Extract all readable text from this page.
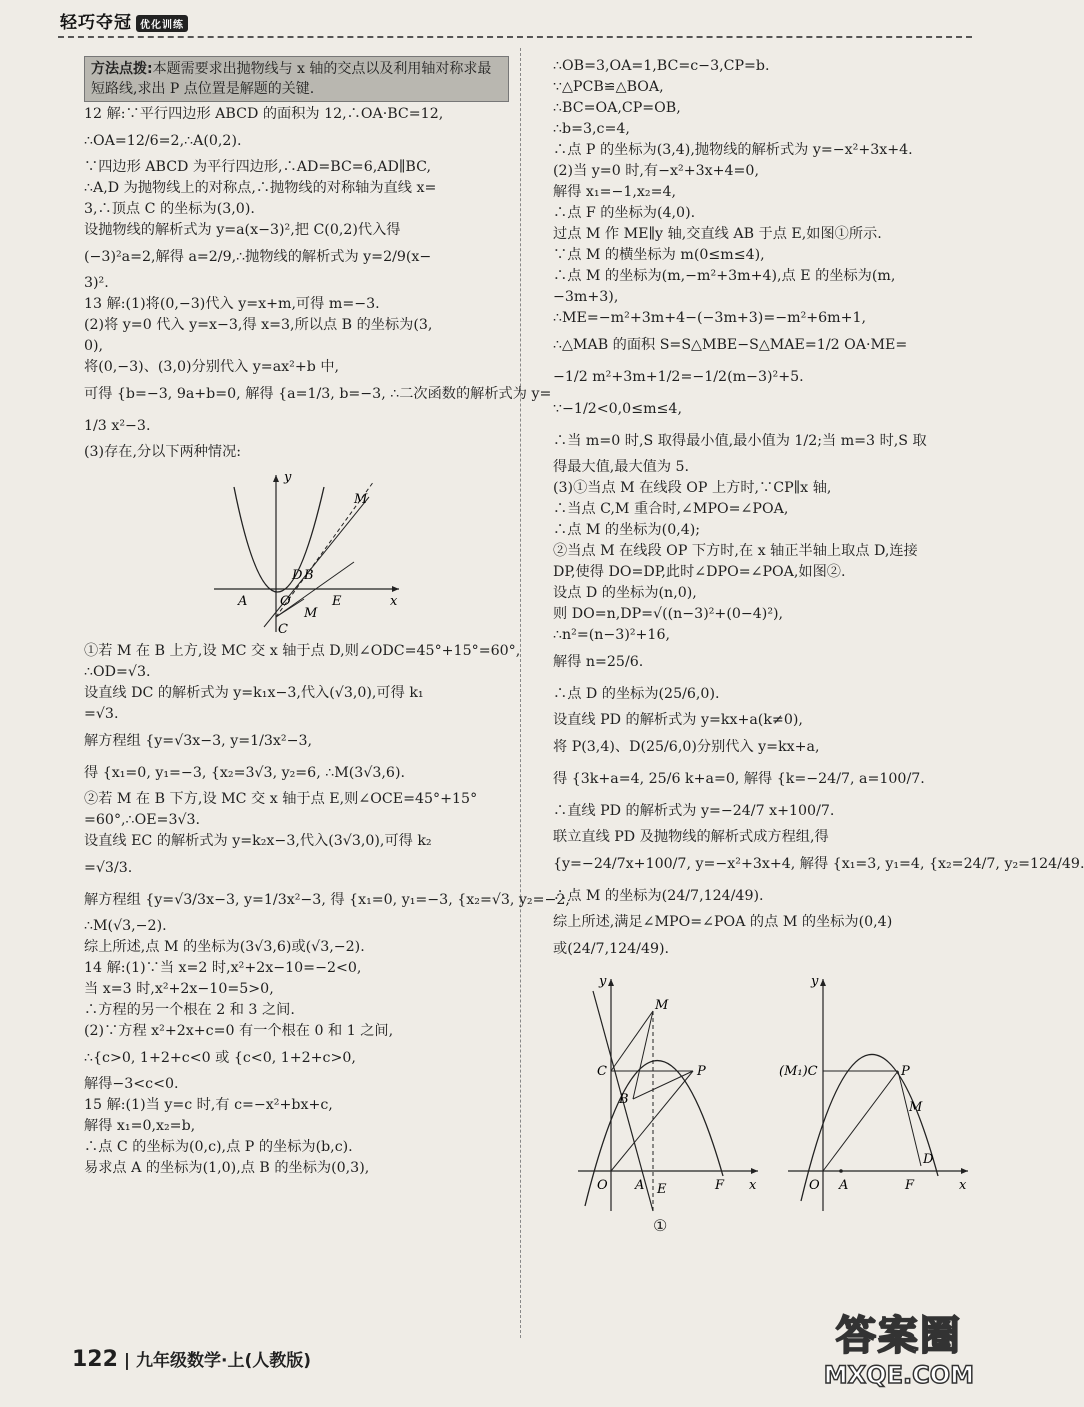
轻巧夺冠 优化训练
方法点拨:本题需要求出抛物线与 x 轴的交点以及利用轴对称求最短路线,求出 P 点位置是解题的关键.
12 解:∵平行四边形 ABCD 的面积为 12,∴OA·BC=12,
∴OA=12/6=2,∴A(0,2).
∵四边形 ABCD 为平行四边形,∴AD=BC=6,AD∥BC,
∴A,D 为抛物线上的对称点,∴抛物线的对称轴为直线 x=
3,∴顶点 C 的坐标为(3,0).
设抛物线的解析式为 y=a(x−3)²,把 C(0,2)代入得
(−3)²a=2,解得 a=2/9,∴抛物线的解析式为 y=2/9(x−
3)².
13 解:(1)将(0,−3)代入 y=x+m,可得 m=−3.
(2)将 y=0 代入 y=x−3,得 x=3,所以点 B 的坐标为(3,
0),
将(0,−3)、(3,0)分别代入 y=ax²+b 中,
可得 {b=−3, 9a+b=0, 解得 {a=1/3, b=−3, ∴二次函数的解析式为 y=
1/3 x²−3.
(3)存在,分以下两种情况:
y
x
M
D B
A	O	E
C
M
①若 M 在 B 上方,设 MC 交 x 轴于点 D,则∠ODC=45°+15°=60°,
∴OD=√3.
设直线 DC 的解析式为 y=k₁x−3,代入(√3,0),可得 k₁
=√3.
解方程组 {y=√3x−3, y=1/3x²−3,
得 {x₁=0, y₁=−3, {x₂=3√3, y₂=6, ∴M(3√3,6).
②若 M 在 B 下方,设 MC 交 x 轴于点 E,则∠OCE=45°+15°
=60°,∴OE=3√3.
设直线 EC 的解析式为 y=k₂x−3,代入(3√3,0),可得 k₂
=√3/3.
解方程组 {y=√3/3x−3, y=1/3x²−3, 得 {x₁=0, y₁=−3, {x₂=√3, y₂=−2,
∴M(√3,−2).
综上所述,点 M 的坐标为(3√3,6)或(√3,−2).
14 解:(1)∵当 x=2 时,x²+2x−10=−2<0,
当 x=3 时,x²+2x−10=5>0,
∴方程的另一个根在 2 和 3 之间.
(2)∵方程 x²+2x+c=0 有一个根在 0 和 1 之间,
∴{c>0, 1+2+c<0 或 {c<0, 1+2+c>0,
解得−3<c<0.
15 解:(1)当 y=c 时,有 c=−x²+bx+c,
解得 x₁=0,x₂=b,
∴点 C 的坐标为(0,c),点 P 的坐标为(b,c).
易求点 A 的坐标为(1,0),点 B 的坐标为(0,3),
∴OB=3,OA=1,BC=c−3,CP=b.
∵△PCB≌△BOA,
∴BC=OA,CP=OB,
∴b=3,c=4,
∴点 P 的坐标为(3,4),抛物线的解析式为 y=−x²+3x+4.
(2)当 y=0 时,有−x²+3x+4=0,
解得 x₁=−1,x₂=4,
∴点 F 的坐标为(4,0).
过点 M 作 ME∥y 轴,交直线 AB 于点 E,如图①所示.
∵点 M 的横坐标为 m(0≤m≤4),
∴点 M 的坐标为(m,−m²+3m+4),点 E 的坐标为(m,
−3m+3),
∴ME=−m²+3m+4−(−3m+3)=−m²+6m+1,
∴△MAB 的面积 S=S△MBE−S△MAE=1/2 OA·ME=
−1/2 m²+3m+1/2=−1/2(m−3)²+5.
∵−1/2<0,0≤m≤4,
∴当 m=0 时,S 取得最小值,最小值为 1/2;当 m=3 时,S 取
得最大值,最大值为 5.
(3)①当点 M 在线段 OP 上方时,∵CP∥x 轴,
∴当点 C,M 重合时,∠MPO=∠POA,
∴点 M 的坐标为(0,4);
②当点 M 在线段 OP 下方时,在 x 轴正半轴上取点 D,连接
DP,使得 DO=DP,此时∠DPO=∠POA,如图②.
设点 D 的坐标为(n,0),
则 DO=n,DP=√((n−3)²+(0−4)²),
∴n²=(n−3)²+16,
解得 n=25/6.
∴点 D 的坐标为(25/6,0).
设直线 PD 的解析式为 y=kx+a(k≠0),
将 P(3,4)、D(25/6,0)分别代入 y=kx+a,
得 {3k+a=4, 25/6 k+a=0, 解得 {k=−24/7, a=100/7.
∴直线 PD 的解析式为 y=−24/7 x+100/7.
联立直线 PD 及抛物线的解析式成方程组,得
{y=−24/7x+100/7, y=−x²+3x+4, 解得 {x₁=3, y₁=4, {x₂=24/7, y₂=124/49.
∴点 M 的坐标为(24/7,124/49).
综上所述,满足∠MPO=∠POA 的点 M 的坐标为(0,4)
或(24/7,124/49).
y
M
C	P
B
O A E	F x
①
y
(M₁)C	P
M
O A	F
D
x
122 | 九年级数学·上(人教版)
答案圈
MXQE.COM
